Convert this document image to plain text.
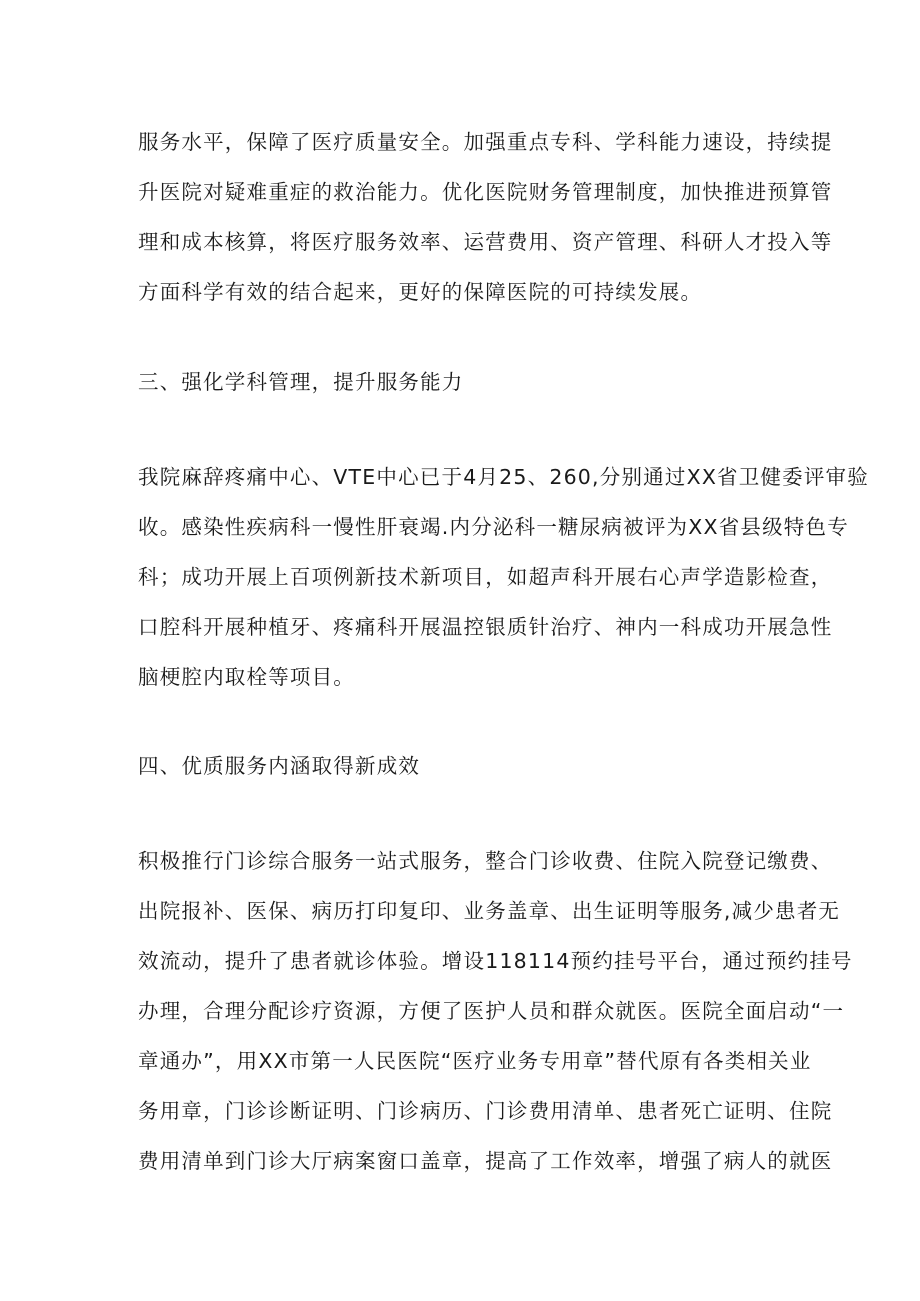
服务水平，保障了医疗质量安全。加强重点专科、学科能力速设，持续提
升医院对疑难重症的救治能力。优化医院财务管理制度，加快推进预算管
理和成本核算，将医疗服务效率、运营费用、资产管理、科研人才投入等
方面科学有效的结合起来，更好的保障医院的可持续发展。
三、强化学科管理，提升服务能力
我院麻辞疼痛中心、VTE中心已于4月25、260,分别通过XX省卫健委评审验
收。感染性疾病科一慢性肝衰竭.内分泌科一糖尿病被评为XX省县级特色专
科；成功开展上百项例新技术新项目，如超声科开展右心声学造影检查，
口腔科开展种植牙、疼痛科开展温控银质针治疗、神内一科成功开展急性
脑梗腔内取栓等项目。
四、优质服务内涵取得新成效
积极推行门诊综合服务一站式服务，整合门诊收费、住院入院登记缴费、
出院报补、医保、病历打印复印、业务盖章、出生证明等服务,减少患者无
效流动，提升了患者就诊体验。增设118114预约挂号平台，通过预约挂号
办理，合理分配诊疗资源，方便了医护人员和群众就医。医院全面启动“一
章通办”，用XX市第一人民医院“医疗业务专用章”替代原有各类相关业
务用章，门诊诊断证明、门诊病历、门诊费用清单、患者死亡证明、住院
费用清单到门诊大厅病案窗口盖章，提高了工作效率，增强了病人的就医
